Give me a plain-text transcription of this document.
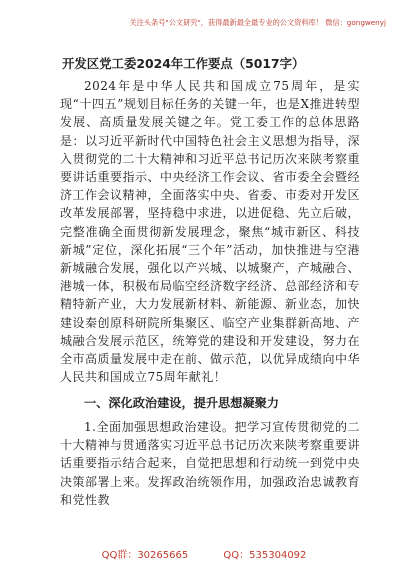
关注头条号"公文研究"，获得最新最全最专业的公文资料库！ 微信：gongwenyj
开发区党工委2024年工作要点（5017字）

2024年是中华人民共和国成立75周年，是实现“十四五”规划目标任务的关键一年，也是X推进转型发展、高质量发展关键之年。党工委工作的总体思路是：以习近平新时代中国特色社会主义思想为指导，深入贯彻党的二十大精神和习近平总书记历次来陕考察重要讲话重要指示、中央经济工作会议、省市委全会暨经济工作会议精神，全面落实中央、省委、市委对开发区改革发展部署，坚持稳中求进，以进促稳、先立后破，完整准确全面贯彻新发展理念，聚焦“城市新区、科技新城”定位，深化拓展“三个年”活动，加快推进与空港新城融合发展，强化以产兴城、以城聚产，产城融合、港城一体，积极布局临空经济数字经济、总部经济和专精特新产业，大力发展新材料、新能源、新业态，加快建设秦创原科研院所集聚区、临空产业集群新高地、产城融合发展示范区，统筹党的建设和开发建设，努力在全市高质量发展中走在前、做示范，以优异成绩向中华人民共和国成立75周年献礼！

一、深化政治建设，提升思想凝聚力

1.全面加强思想政治建设。把学习宣传贯彻党的二十大精神与贯通落实习近平总书记历次来陕考察重要讲话重要指示结合起来，自觉把思想和行动统一到党中央决策部署上来。发挥政治统领作用，加强政治忠诚教育和党性教

QQ群：30265665	QQ：535304092
